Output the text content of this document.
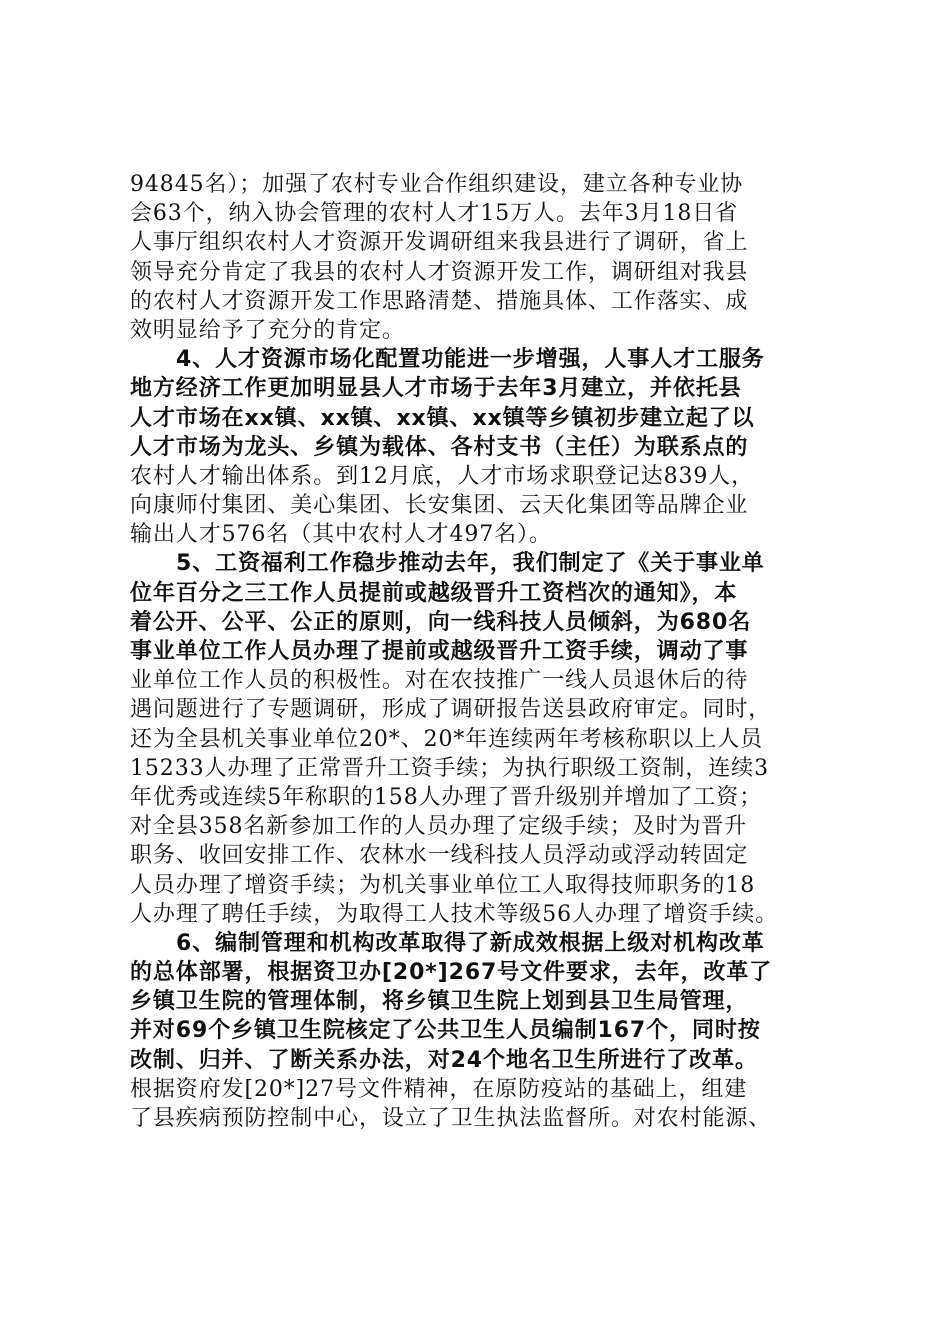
94845名）；加强了农村专业合作组织建设，建立各种专业协
会63个，纳入协会管理的农村人才15万人。去年3月18日省
人事厅组织农村人才资源开发调研组来我县进行了调研，省上
领导充分肯定了我县的农村人才资源开发工作，调研组对我县
的农村人才资源开发工作思路清楚、措施具体、工作落实、成
效明显给予了充分的肯定。
4、人才资源市场化配置功能进一步增强，人事人才工服务
地方经济工作更加明显县人才市场于去年3月建立，并依托县
人才市场在xx镇、xx镇、xx镇、xx镇等乡镇初步建立起了以
人才市场为龙头、乡镇为载体、各村支书（主任）为联系点的
农村人才输出体系。到12月底，人才市场求职登记达839人，
向康师付集团、美心集团、长安集团、云天化集团等品牌企业
输出人才576名（其中农村人才497名）。
5、工资福利工作稳步推动去年，我们制定了《关于事业单
位年百分之三工作人员提前或越级晋升工资档次的通知》，本
着公开、公平、公正的原则，向一线科技人员倾斜，为680名
事业单位工作人员办理了提前或越级晋升工资手续，调动了事
业单位工作人员的积极性。对在农技推广一线人员退休后的待
遇问题进行了专题调研，形成了调研报告送县政府审定。同时，
还为全县机关事业单位20*、20*年连续两年考核称职以上人员
15233人办理了正常晋升工资手续；为执行职级工资制，连续3
年优秀或连续5年称职的158人办理了晋升级别并增加了工资；
对全县358名新参加工作的人员办理了定级手续；及时为晋升
职务、收回安排工作、农林水一线科技人员浮动或浮动转固定
人员办理了增资手续；为机关事业单位工人取得技师职务的18
人办理了聘任手续，为取得工人技术等级56人办理了增资手续。
6、编制管理和机构改革取得了新成效根据上级对机构改革
的总体部署，根据资卫办[20*]267号文件要求，去年，改革了
乡镇卫生院的管理体制，将乡镇卫生院上划到县卫生局管理，
并对69个乡镇卫生院核定了公共卫生人员编制167个，同时按
改制、归并、了断关系办法，对24个地名卫生所进行了改革。
根据资府发[20*]27号文件精神，在原防疫站的基础上，组建
了县疾病预防控制中心，设立了卫生执法监督所。对农村能源、
